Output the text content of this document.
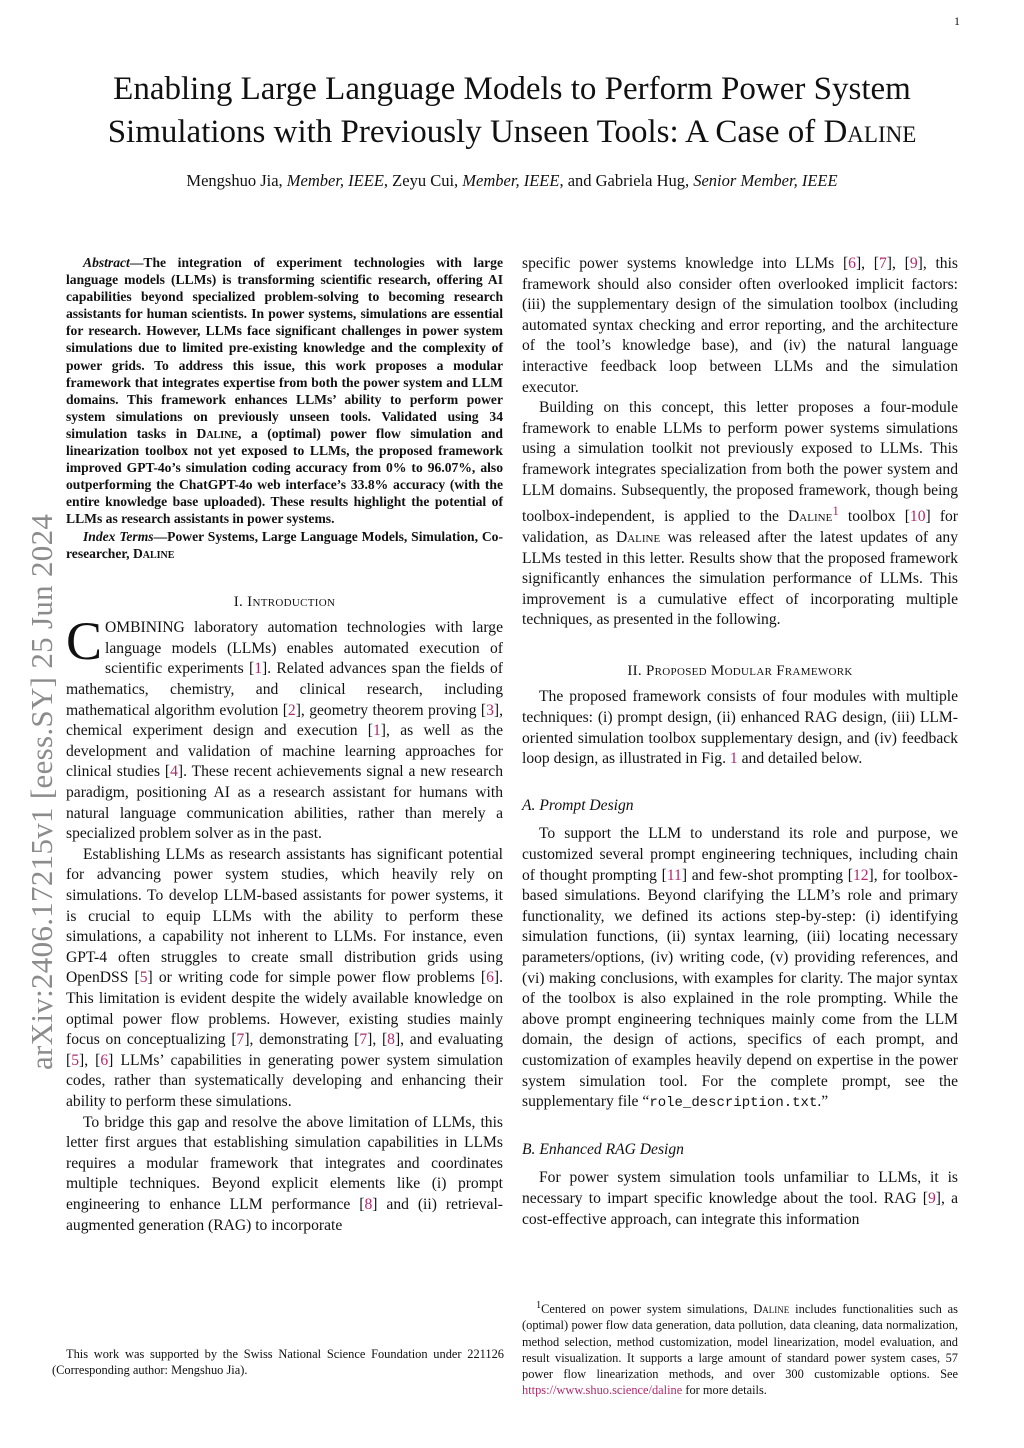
1
arXiv:2406.17215v1 [eess.SY] 25 Jun 2024
Enabling Large Language Models to Perform Power System
Simulations with Previously Unseen Tools: A Case of Daline
Mengshuo Jia, Member, IEEE, Zeyu Cui, Member, IEEE, and Gabriela Hug, Senior Member, IEEE

Abstract—The integration of experiment technologies with large language models (LLMs) is transforming scientific research, offering AI capabilities beyond specialized problem-solving to becoming research assistants for human scientists. In power systems, simulations are essential for research. However, LLMs face significant challenges in power system simulations due to limited pre-existing knowledge and the complexity of power grids. To address this issue, this work proposes a modular framework that integrates expertise from both the power system and LLM domains. This framework enhances LLMs’ ability to perform power system simulations on previously unseen tools. Validated using 34 simulation tasks in Daline, a (optimal) power flow simulation and linearization toolbox not yet exposed to LLMs, the proposed framework improved GPT-4o’s simulation coding accuracy from 0% to 96.07%, also outperforming the ChatGPT-4o web interface’s 33.8% accuracy (with the entire knowledge base uploaded). These results highlight the potential of LLMs as research assistants in power systems.

Index Terms—Power Systems, Large Language Models, Simulation, Co-researcher, Daline

I. Introduction

COMBINING laboratory automation technologies with large language models (LLMs) enables automated execution of scientific experiments [1]. Related advances span the fields of mathematics, chemistry, and clinical research, including mathematical algorithm evolution [2], geometry theorem proving [3], chemical experiment design and execution [1], as well as the development and validation of machine learning approaches for clinical studies [4]. These recent achievements signal a new research paradigm, positioning AI as a research assistant for humans with natural language communication abilities, rather than merely a specialized problem solver as in the past.

Establishing LLMs as research assistants has significant potential for advancing power system studies, which heavily rely on simulations. To develop LLM-based assistants for power systems, it is crucial to equip LLMs with the ability to perform these simulations, a capability not inherent to LLMs. For instance, even GPT-4 often struggles to create small distribution grids using OpenDSS [5] or writing code for simple power flow problems [6]. This limitation is evident despite the widely available knowledge on optimal power flow problems. However, existing studies mainly focus on conceptualizing [7], demonstrating [7], [8], and evaluating [5], [6] LLMs’ capabilities in generating power system simulation codes, rather than systematically developing and enhancing their ability to perform these simulations.

To bridge this gap and resolve the above limitation of LLMs, this letter first argues that establishing simulation capabilities in LLMs requires a modular framework that integrates and coordinates multiple techniques. Beyond explicit elements like (i) prompt engineering to enhance LLM performance [8] and (ii) retrieval-augmented generation (RAG) to incorporate

This work was supported by the Swiss National Science Foundation under 221126 (Corresponding author: Mengshuo Jia).

specific power systems knowledge into LLMs [6], [7], [9], this framework should also consider often overlooked implicit factors: (iii) the supplementary design of the simulation toolbox (including automated syntax checking and error reporting, and the architecture of the tool’s knowledge base), and (iv) the natural language interactive feedback loop between LLMs and the simulation executor.

Building on this concept, this letter proposes a four-module framework to enable LLMs to perform power systems simulations using a simulation toolkit not previously exposed to LLMs. This framework integrates specialization from both the power system and LLM domains. Subsequently, the proposed framework, though being toolbox-independent, is applied to the Daline$^1$ toolbox [10] for validation, as Daline was released after the latest updates of any LLMs tested in this letter. Results show that the proposed framework significantly enhances the simulation performance of LLMs. This improvement is a cumulative effect of incorporating multiple techniques, as presented in the following.

II. Proposed Modular Framework

The proposed framework consists of four modules with multiple techniques: (i) prompt design, (ii) enhanced RAG design, (iii) LLM-oriented simulation toolbox supplementary design, and (iv) feedback loop design, as illustrated in Fig. 1 and detailed below.

A. Prompt Design

To support the LLM to understand its role and purpose, we customized several prompt engineering techniques, including chain of thought prompting [11] and few-shot prompting [12], for toolbox-based simulations. Beyond clarifying the LLM’s role and primary functionality, we defined its actions step-by-step: (i) identifying simulation functions, (ii) syntax learning, (iii) locating necessary parameters/options, (iv) writing code, (v) providing references, and (vi) making conclusions, with examples for clarity. The major syntax of the toolbox is also explained in the role prompting. While the above prompt engineering techniques mainly come from the LLM domain, the design of actions, specifics of each prompt, and customization of examples heavily depend on expertise in the power system simulation tool. For the complete prompt, see the supplementary file “role_description.txt.”

B. Enhanced RAG Design

For power system simulation tools unfamiliar to LLMs, it is necessary to impart specific knowledge about the tool. RAG [9], a cost-effective approach, can integrate this information

$^1$Centered on power system simulations, Daline includes functionalities such as (optimal) power flow data generation, data pollution, data cleaning, data normalization, method selection, method customization, model linearization, model evaluation, and result visualization. It supports a large amount of standard power system cases, 57 power flow linearization methods, and over 300 customizable options. See https://www.shuo.science/daline for more details.
